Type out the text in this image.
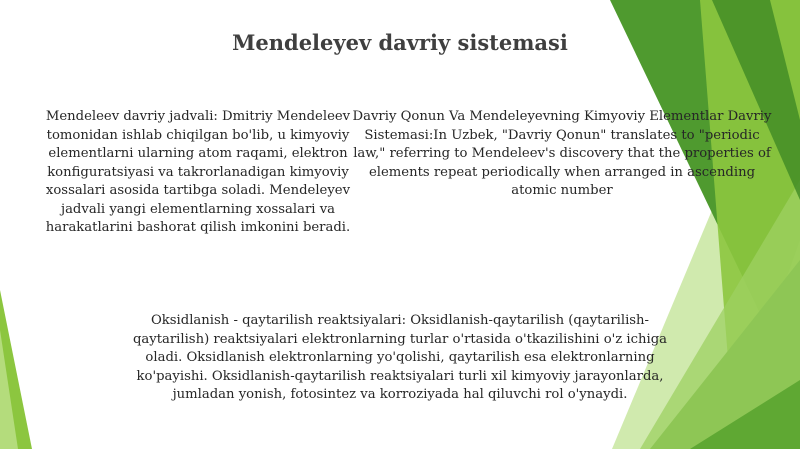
Mendeleyev davriy sistemasi
Mendeleev davriy jadvali: Dmitriy Mendeleev tomonidan ishlab chiqilgan bo'lib, u kimyoviy elementlarni ularning atom raqami, elektron konfiguratsiyasi va takrorlanadigan kimyoviy xossalari asosida tartibga soladi. Mendeleyev jadvali yangi elementlarning xossalari va harakatlarini bashorat qilish imkonini beradi.
Davriy Qonun Va Mendeleyevning Kimyoviy Elementlar Davriy Sistemasi:In Uzbek, "Davriy Qonun" translates to "periodic law," referring to Mendeleev's discovery that the properties of elements repeat periodically when arranged in ascending atomic number
Oksidlanish - qaytarilish reaktsiyalari: Oksidlanish-qaytarilish (qaytarilish-qaytarilish) reaktsiyalari elektronlarning turlar o'rtasida o'tkazilishini o'z ichiga oladi. Oksidlanish elektronlarning yo'qolishi, qaytarilish esa elektronlarning ko'payishi. Oksidlanish-qaytarilish reaktsiyalari turli xil kimyoviy jarayonlarda, jumladan yonish, fotosintez va korroziyada hal qiluvchi rol o'ynaydi.
